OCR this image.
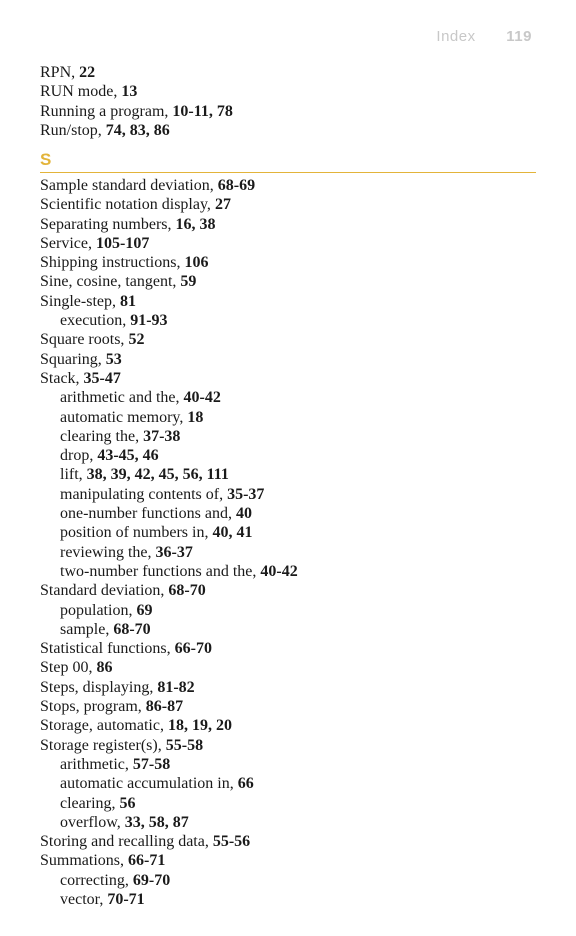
Index 119
RPN, 22
RUN mode, 13
Running a program, 10-11, 78
Run/stop, 74, 83, 86
S
Sample standard deviation, 68-69
Scientific notation display, 27
Separating numbers, 16, 38
Service, 105-107
Shipping instructions, 106
Sine, cosine, tangent, 59
Single-step, 81
execution, 91-93
Square roots, 52
Squaring, 53
Stack, 35-47
arithmetic and the, 40-42
automatic memory, 18
clearing the, 37-38
drop, 43-45, 46
lift, 38, 39, 42, 45, 56, 111
manipulating contents of, 35-37
one-number functions and, 40
position of numbers in, 40, 41
reviewing the, 36-37
two-number functions and the, 40-42
Standard deviation, 68-70
population, 69
sample, 68-70
Statistical functions, 66-70
Step 00, 86
Steps, displaying, 81-82
Stops, program, 86-87
Storage, automatic, 18, 19, 20
Storage register(s), 55-58
arithmetic, 57-58
automatic accumulation in, 66
clearing, 56
overflow, 33, 58, 87
Storing and recalling data, 55-56
Summations, 66-71
correcting, 69-70
vector, 70-71
